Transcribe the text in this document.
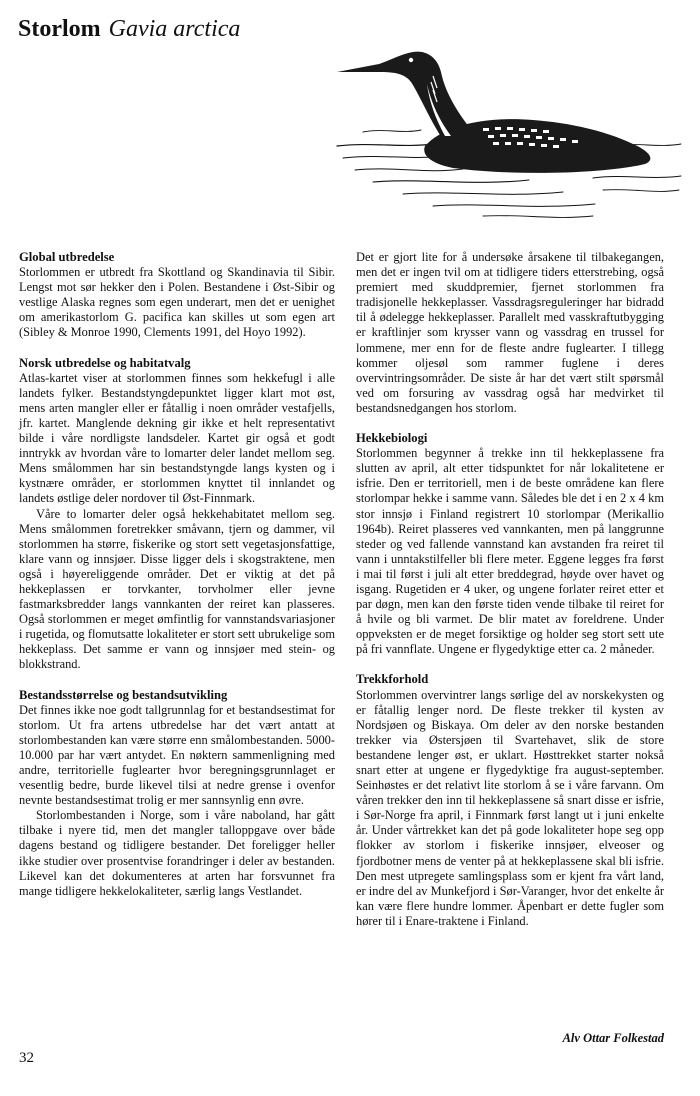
Storlom Gavia arctica

Global utbredelse

Storlommen er utbredt fra Skottland og Skandinavia til Sibir. Lengst mot sør hekker den i Polen. Bestandene i Øst-Sibir og vestlige Alaska regnes som egen underart, men det er uenighet om amerikastorlom G. pacifica kan skilles ut som egen art (Sibley & Monroe 1990, Clements 1991, del Hoyo 1992).

Norsk utbredelse og habitatvalg

Atlas-kartet viser at storlommen finnes som hekkefugl i alle landets fylker. Bestandstyngdepunktet ligger klart mot øst, mens arten mangler eller er fåtallig i noen områder vestafjells, jfr. kartet. Manglende dekning gir ikke et helt representativt bilde i våre nordligste landsdeler. Kartet gir også et godt inntrykk av hvordan våre to lomarter deler landet mellom seg. Mens smålommen har sin bestandstyngde langs kysten og i kystnære områder, er storlommen knyttet til innlandet og landets østlige deler nordover til Øst-Finnmark.

Våre to lomarter deler også hekkehabitatet mellom seg. Mens smålommen foretrekker småvann, tjern og dammer, vil storlommen ha større, fiskerike og stort sett vegetasjonsfattige, klare vann og innsjøer. Disse ligger dels i skogstraktene, men også i høyereliggende områder. Det er viktig at det på hekkeplassen er torvkanter, torvholmer eller jevne fastmarksbredder langs vannkanten der reiret kan plasseres. Også storlommen er meget ømfintlig for vannstandsvariasjoner i rugetida, og flomutsatte lokaliteter er stort sett ubrukelige som hekkeplass. Det samme er vann og innsjøer med stein- og blokkstrand.

Bestandsstørrelse og bestandsutvikling

Det finnes ikke noe godt tallgrunnlag for et bestandsestimat for storlom. Ut fra artens utbredelse har det vært antatt at storlombestanden kan være større enn smålombestanden. 5000-10.000 par har vært antydet. En nøktern sammenligning med andre, territorielle fuglearter hvor beregningsgrunnlaget er vesentlig bedre, burde likevel tilsi at nedre grense i ovenfor nevnte bestandsestimat trolig er mer sannsynlig enn øvre.

Storlombestanden i Norge, som i våre naboland, har gått tilbake i nyere tid, men det mangler talloppgave over både dagens bestand og tidligere bestander. Det foreligger heller ikke studier over prosentvise forandringer i deler av bestanden. Likevel kan det dokumenteres at arten har forsvunnet fra mange tidligere hekkelokaliteter, særlig langs Vestlandet.

Det er gjort lite for å undersøke årsakene til tilbakegangen, men det er ingen tvil om at tidligere tiders etterstrebing, også premiert med skuddpremier, fjernet storlommen fra tradisjonelle hekkeplasser. Vassdragsreguleringer har bidradd til å ødelegge hekkeplasser. Parallelt med vasskraftutbygging er kraftlinjer som krysser vann og vassdrag en trussel for lommene, mer enn for de fleste andre fuglearter. I tillegg kommer oljesøl som rammer fuglene i deres overvintringsområder. De siste år har det vært stilt spørsmål ved om forsuring av vassdrag også har medvirket til bestandsnedgangen hos storlom.

Hekkebiologi

Storlommen begynner å trekke inn til hekkeplassene fra slutten av april, alt etter tidspunktet for når lokalitetene er isfrie. Den er territoriell, men i de beste områdene kan flere storlompar hekke i samme vann. Således ble det i en 2 x 4 km stor innsjø i Finland registrert 10 storlompar (Merikallio 1964b). Reiret plasseres ved vannkanten, men på langgrunne steder og ved fallende vannstand kan avstanden fra reiret til vann i unntakstilfeller bli flere meter. Eggene legges fra først i mai til først i juli alt etter breddegrad, høyde over havet og isgang. Rugetiden er 4 uker, og ungene forlater reiret etter et par døgn, men kan den første tiden vende tilbake til reiret for å hvile og bli varmet. De blir matet av foreldrene. Under oppveksten er de meget forsiktige og holder seg stort sett ute på fri vannflate. Ungene er flygedyktige etter ca. 2 måneder.

Trekkforhold

Storlommen overvintrer langs sørlige del av norskekysten og er fåtallig lenger nord. De fleste trekker til kysten av Nordsjøen og Biskaya. Om deler av den norske bestanden trekker via Østersjøen til Svartehavet, slik de store bestandene lenger øst, er uklart. Høsttrekket starter nokså snart etter at ungene er flygedyktige fra august-september. Seinhøstes er det relativt lite storlom å se i våre farvann. Om våren trekker den inn til hekkeplassene så snart disse er isfrie, i Sør-Norge fra april, i Finnmark først langt ut i juni enkelte år. Under vårtrekket kan det på gode lokaliteter hope seg opp flokker av storlom i fiskerike innsjøer, elveoser og fjordbotner mens de venter på at hekkeplassene skal bli isfrie. Den mest utpregete samlingsplass som er kjent fra vårt land, er indre del av Munkefjord i Sør-Varanger, hvor det enkelte år kan være flere hundre lommer. Åpenbart er dette fugler som hører til i Enare-traktene i Finland.

Alv Ottar Folkestad
32
